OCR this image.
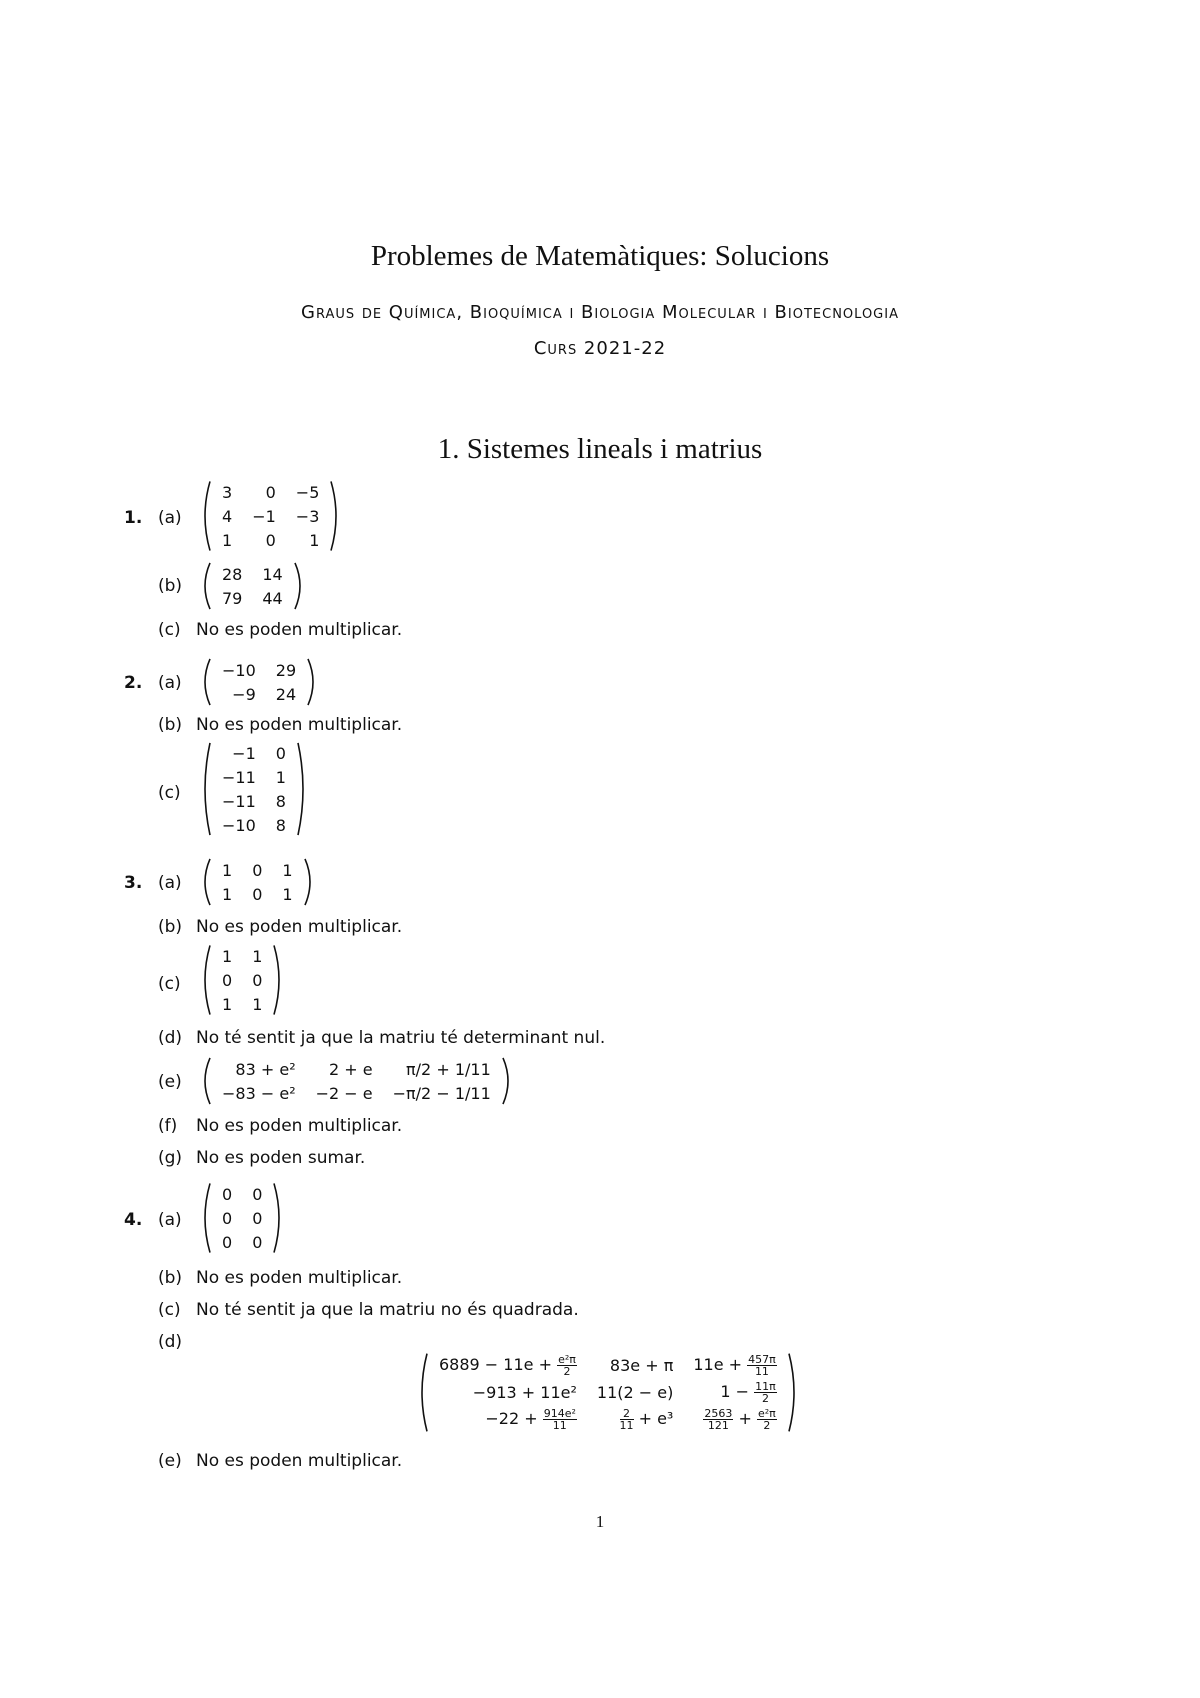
Problemes de Matemàtiques: Solucions
Graus de Química, Bioquímica i Biologia Molecular i Biotecnologia
Curs 2021-22
1. Sistemes lineals i matrius
1. (a)
3	0	−5
4	−1	−3
1	0	1
(b)
28	14
79	44
(c) No es poden multiplicar.
2. (a)
−10	29
−9	24
(b) No es poden multiplicar.
(c)
−1	0
−11	1
−11	8
−10	8
3. (a)
1	0	1
1	0	1
(b) No es poden multiplicar.
(c)
1	1
0	0
1	1
(d) No té sentit ja que la matriu té determinant nul.
(e)
83 + e²	2 + e	π/2 + 1/11
−83 − e²	−2 − e	−π/2 − 1/11
(f) No es poden multiplicar.
(g) No es poden sumar.
4. (a)
0	0
0	0
0	0
(b) No es poden multiplicar.
(c) No té sentit ja que la matriu no és quadrada.
(d)
$6889 - 11e + \frac{\text{e²π}}{2}$	83e + π	$11e + \frac{457\pi}{11}$

−913 + 11e²	11(2 − e)	$1 - \frac{11\pi}{2}$

$-22 + \frac{\text{914e²}}{11}$	$\frac{2}{11} + e^3$	$\frac{2563}{121} + \frac{\text{e²π}}{2}$
(e) No es poden multiplicar.
1
